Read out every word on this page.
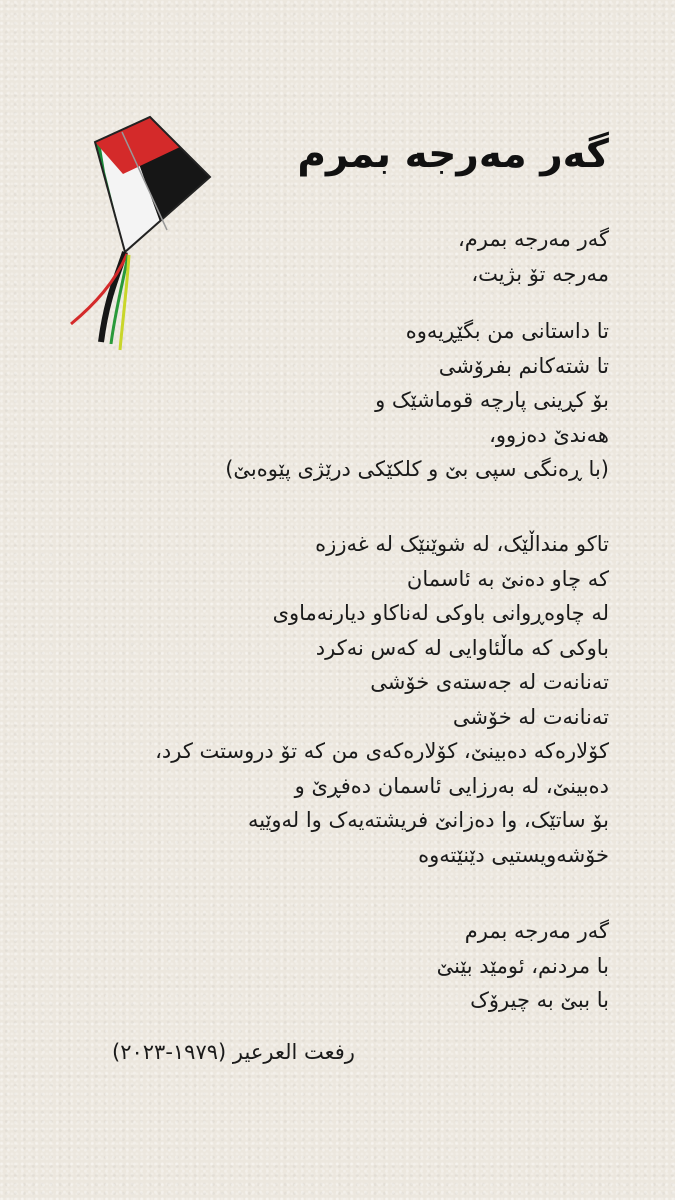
گەر مەرجە بمرم
گەر مەرجە بمرم،
مەرجە تۆ بژیت،
تا داستانی من بگێڕیەوە
تا شتەکانم بفرۆشی
بۆ کڕینی پارچە قوماشێک و
هەندێ دەزوو،
(با ڕەنگی سپی بێ و کلکێکی درێژی پێوەبێ)
تاکو منداڵێک، لە شوێنێک لە غەززە
کە چاو دەنێ بە ئاسمان
لە چاوەڕوانی باوکی لەناکاو دیارنەماوی
باوکی کە ماڵئاوایی لە کەس نەکرد
تەنانەت لە جەستەی خۆشی
تەنانەت لە خۆشی
کۆلارەکە دەبینێ، کۆلارەکەی من کە تۆ دروستت کرد،
دەبینێ، لە بەرزایی ئاسمان دەفڕێ و
بۆ ساتێک، وا دەزانێ فریشتەیەک وا لەوێیە
خۆشەویستیی دێنێتەوە
گەر مەرجە بمرم
با مردنم، ئومێد بێنێ
با ببێ بە چیرۆک
رفعت العرعير (١٩٧٩-٢٠٢٣)
